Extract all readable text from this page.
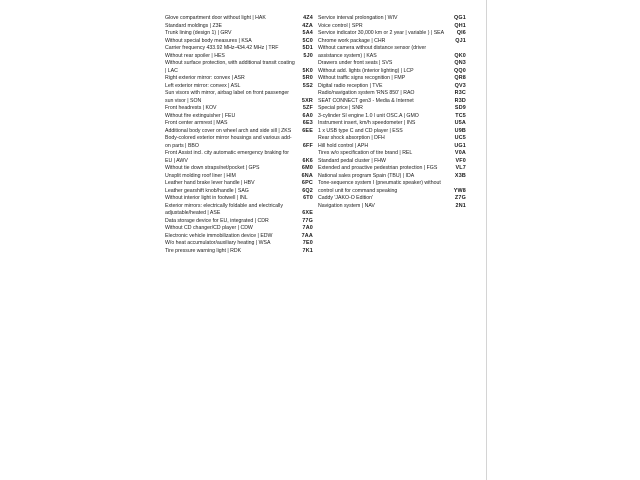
Glove compartment door without light | HAK	4Z4
Standard moldings | Z3E	4ZA
Trunk lining (design 1) | GRV	5A4
Without special body measures | KSA	5C0
Carrier frequency 433.92 MHz-434.42 MHz | TRF	5D1
Without rear spoiler | HES	5J0
Without surface protection, with additional transit coating | LAC	5K0
Right exterior mirror: convex | ASR	5R0
Left exterior mirror: convex | ASL	5S2
Sun visors with mirror, airbag label on front passenger sun visor | SON	5XR
Front headrests | KOV	5ZF
Without fire extinguisher | FEU	6A0
Front center armrest | MAS	6E3
Additional body cover on wheel arch and side sill | ZKS	6EE
Body-colored exterior mirror housings and various add-on parts | BBO	6FF
Front Assist incl. city automatic emergency braking for EU | AWV	6K6
Without tie down straps/net/pocket | GPS	6M0
Unsplit molding roof liner | HIM	6NA
Leather hand brake lever handle | HBV	6PC
Leather gearshift knob/handle | SAG	6Q2
Without interior light in footwell | INL	6T0
Exterior mirrors: electrically foldable and electrically adjustable/heated | ASE	6XE
Data storage device for EU, integrated | CDR	77G
Without CD changer/CD player | CDW	7A0
Electronic vehicle immobilization device | EDW	7AA
W/o heat accumulator/auxiliary heating | WSA	7E0
Tire pressure warning light | RDK	7K1
Service interval prolongation | WIV	QG1
Voice control | SPR	QH1
Service indicator 30,000 km or 2 year | variable ) | SEA	QI6
Chrome work package | CHR	QJ1
Without camera without distance sensor (driver assistance system) | KAS	QK0
Drawers under front seats | SVS	QN3
Without add. lights (interior lighting) | LCP	QQ0
Without traffic signs recognition | FMP	QR8
Digital radio reception | TVE	QV3
Radio/navigation system 'RNS 850' | RAO	R3C
SEAT CONNECT gen3 - Media & Internet	R3D
Special price | SNR	SD9
3-cylinder SI engine 1.0 l unit OSC.A | GMO	TC5
Instrument insert, km/h speedometer | INS	U5A
1 x USB type C and CD player | ESS	U9B
Rear shock absorption | DFH	UC5
Hill hold control | APH	UG1
Tires w/o specification of tire brand | REL	V0A
Standard pedal cluster | FHW	VF0
Extended and proactive pedestrian protection | FGS	VL7
National sales program Spain (TBU) | IDA	X3B
Tone-sequence system I (pneumatic speaker) without control unit for command speaking	YW8
Caddy 'JAKO-O Edition'	Z7G
Navigation system | NAV	2N1
